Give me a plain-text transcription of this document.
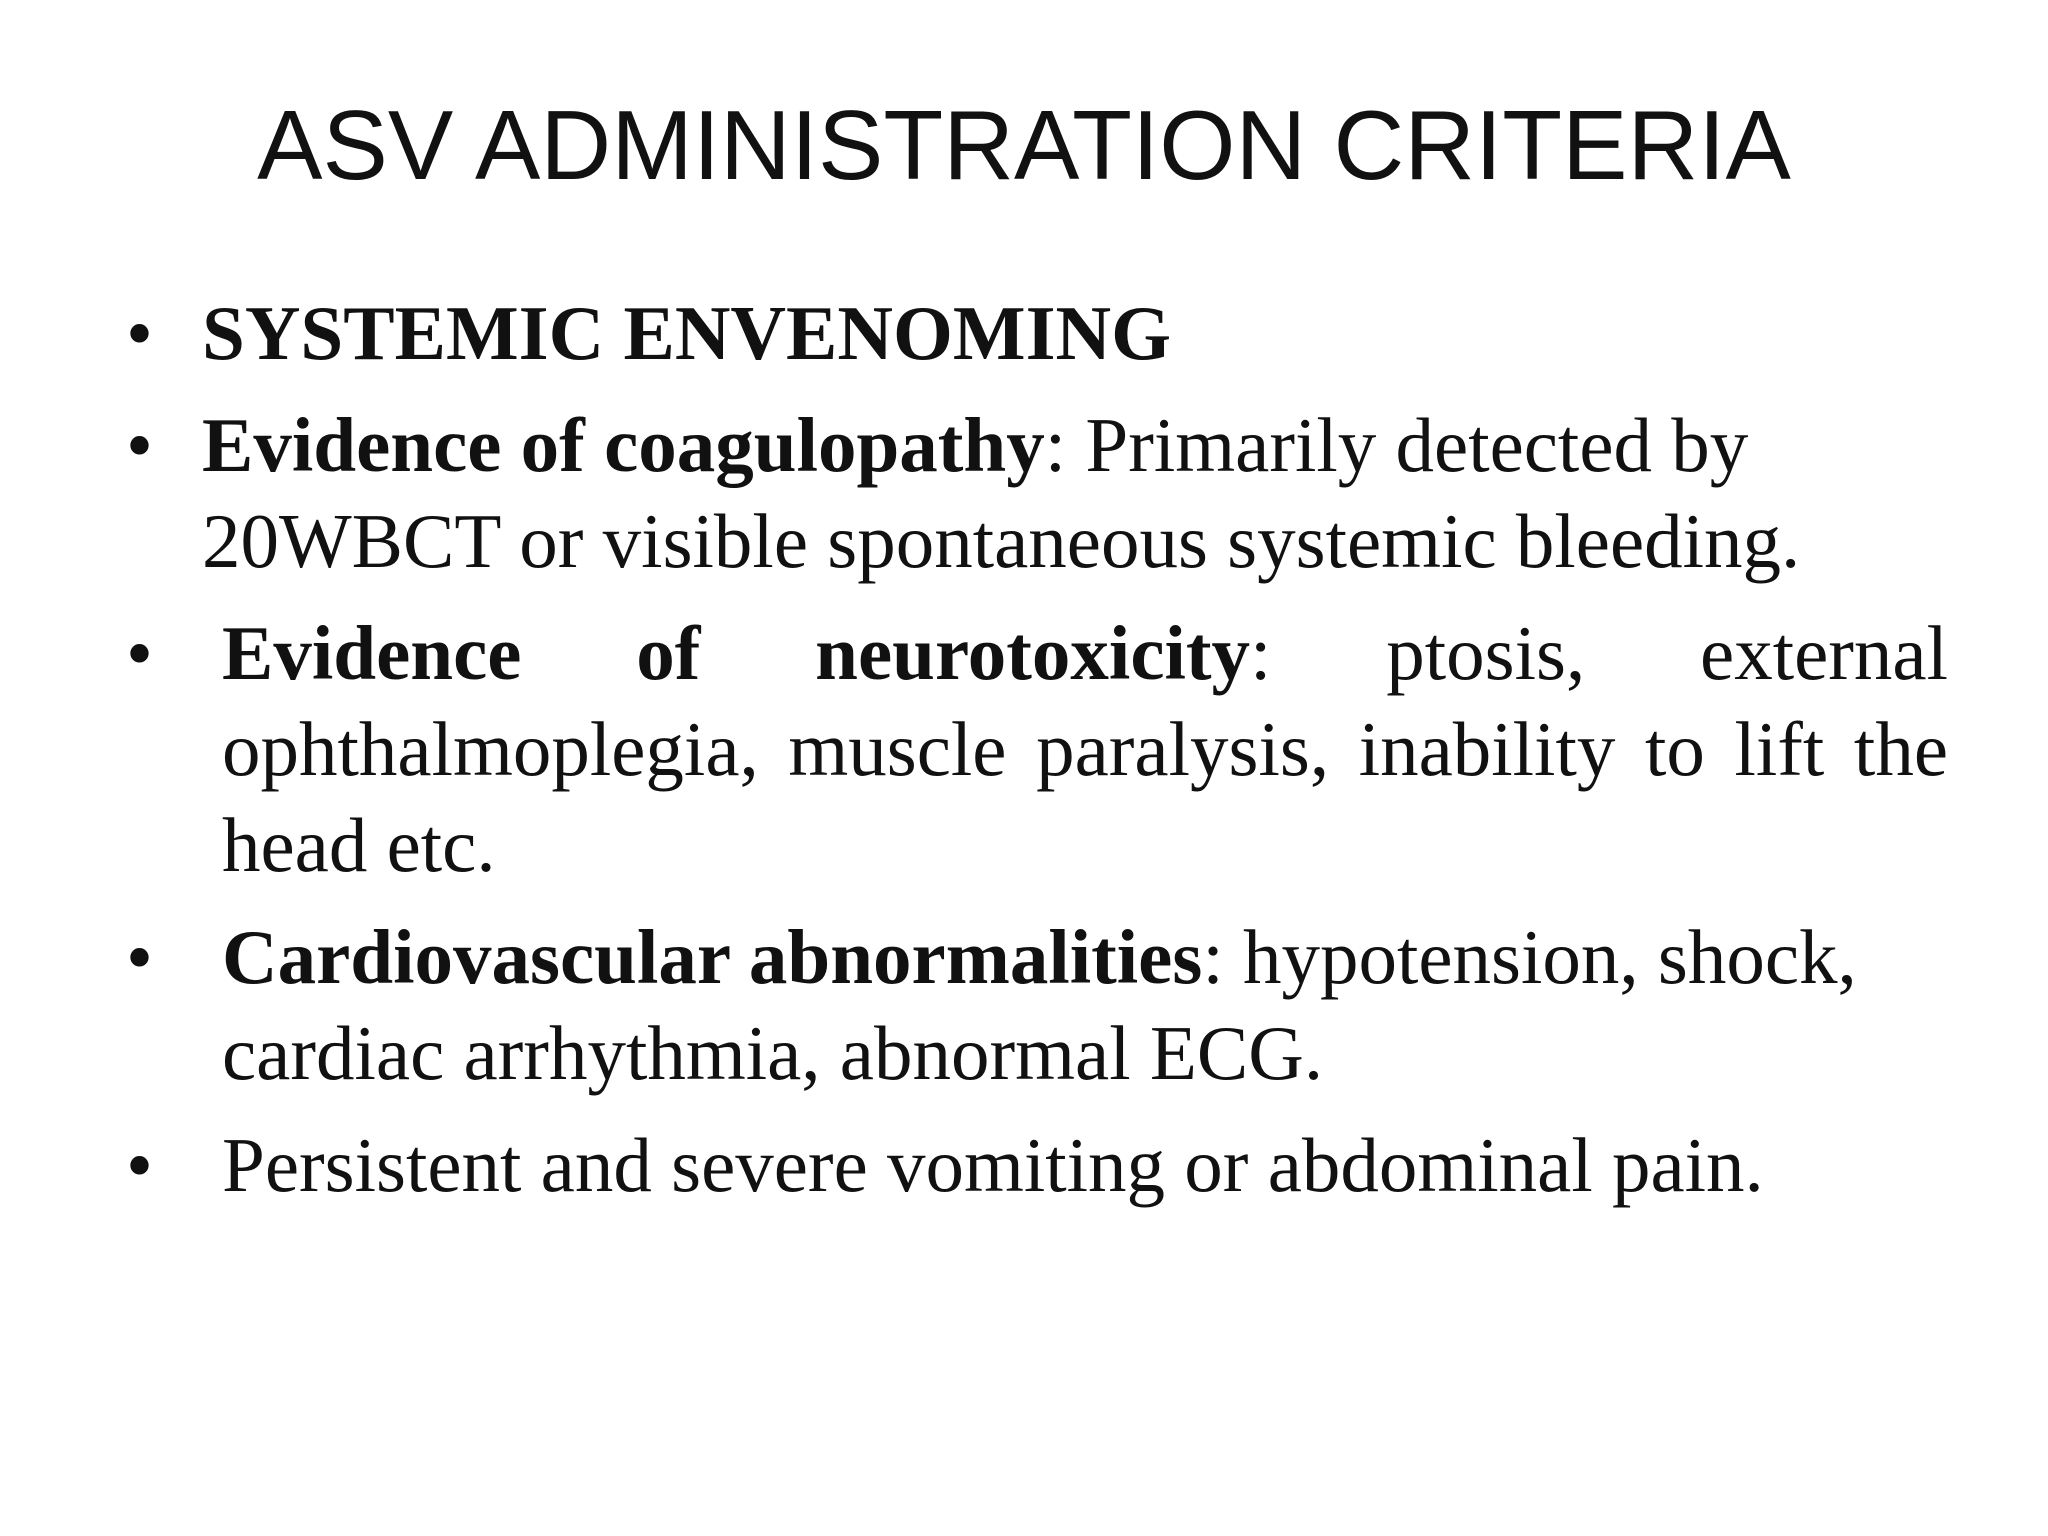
ASV ADMINISTRATION CRITERIA
• SYSTEMIC ENVENOMING
• Evidence of coagulopathy: Primarily detected by 20WBCT or visible spontaneous systemic bleeding.
• Evidence of neurotoxicity: ptosis, external ophthalmoplegia, muscle paralysis, inability to lift the head etc.
• Cardiovascular abnormalities: hypotension, shock, cardiac arrhythmia, abnormal ECG.
• Persistent and severe vomiting or abdominal pain.
